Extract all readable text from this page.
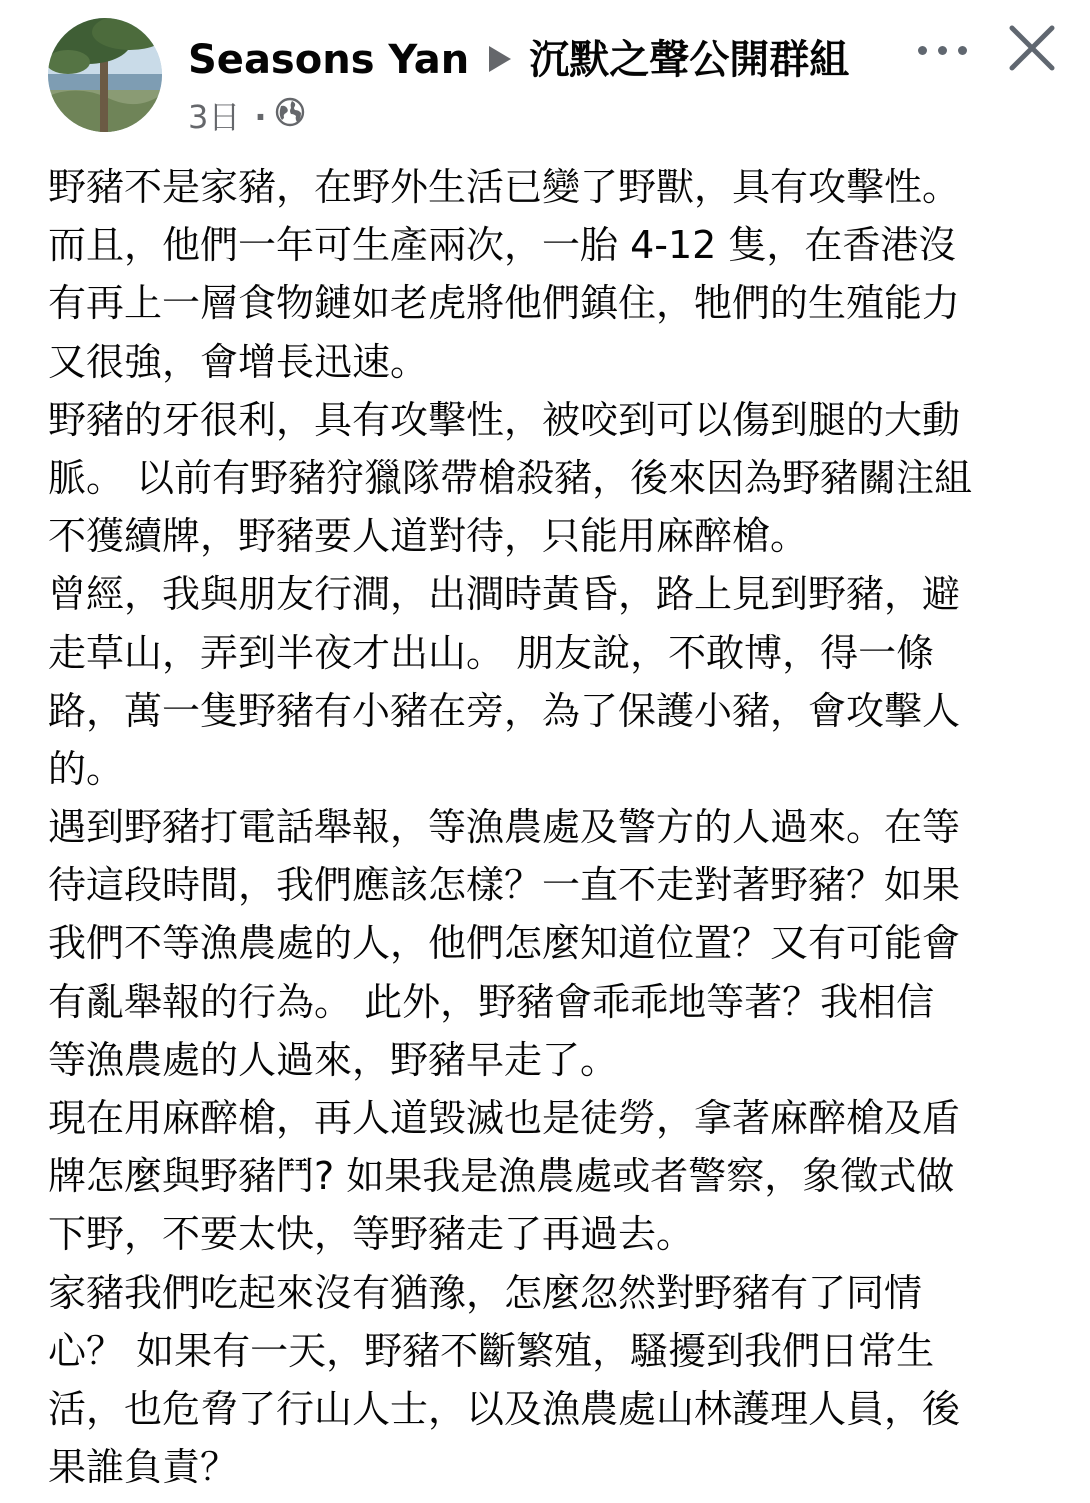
Seasons Yan 沉默之聲公開群組
3日 ·
野豬不是家豬，在野外生活已變了野獸，具有攻擊性。
而且，他們一年可生產兩次，一胎 4-12 隻，在香港沒
有再上一層食物鏈如老虎將他們鎮住，牠們的生殖能力
又很強，會增長迅速。
野豬的牙很利，具有攻擊性，被咬到可以傷到腿的大動
脈。 以前有野豬狩獵隊帶槍殺豬，後來因為野豬關注組
不獲續牌，野豬要人道對待，只能用麻醉槍。
曾經，我與朋友行澗，出澗時黃昏，路上見到野豬，避
走草山，弄到半夜才出山。 朋友說，不敢博，得一條
路，萬一隻野豬有小豬在旁，為了保護小豬，會攻擊人
的。
遇到野豬打電話舉報，等漁農處及警方的人過來。在等
待這段時間，我們應該怎樣？一直不走對著野豬？如果
我們不等漁農處的人，他們怎麼知道位置？又有可能會
有亂舉報的行為。 此外，野豬會乖乖地等著？我相信
等漁農處的人過來，野豬早走了。
現在用麻醉槍，再人道毀滅也是徒勞，拿著麻醉槍及盾
牌怎麼與野豬鬥? 如果我是漁農處或者警察，象徵式做
下野，不要太快，等野豬走了再過去。
家豬我們吃起來沒有猶豫，怎麼忽然對野豬有了同情
心？ 如果有一天，野豬不斷繁殖，騷擾到我們日常生
活，也危脅了行山人士，以及漁農處山林護理人員，後
果誰負責？
